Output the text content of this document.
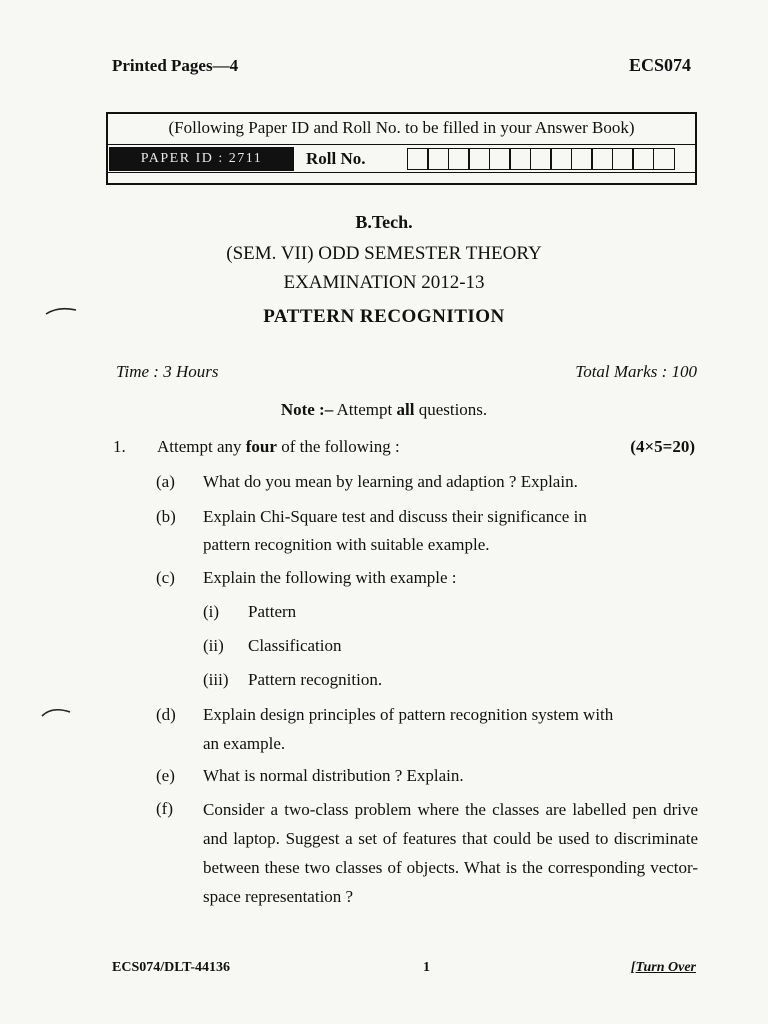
Printed Pages—4	ECS074
(Following Paper ID and Roll No. to be filled in your Answer Book)
PAPER ID : 2711	Roll No.
B.Tech.
(SEM. VII) ODD SEMESTER THEORY
EXAMINATION 2012-13
PATTERN RECOGNITION
Time : 3 Hours	Total Marks : 100
Note :– Attempt all questions.
1. Attempt any four of the following :	(4×5=20)
(a) What do you mean by learning and adaption ? Explain.
(b) Explain Chi-Square test and discuss their significance in
pattern recognition with suitable example.
(c) Explain the following with example :
(i) Pattern
(ii) Classification
(iii) Pattern recognition.
(d) Explain design principles of pattern recognition system with
an example.
(e) What is normal distribution ? Explain.
(f) Consider a two-class problem where the classes are labelled pen drive and laptop. Suggest a set of features that could be used to discriminate between these two classes of objects. What is the corresponding vector-space representation ?
ECS074/DLT-44136	1	[Turn Over
